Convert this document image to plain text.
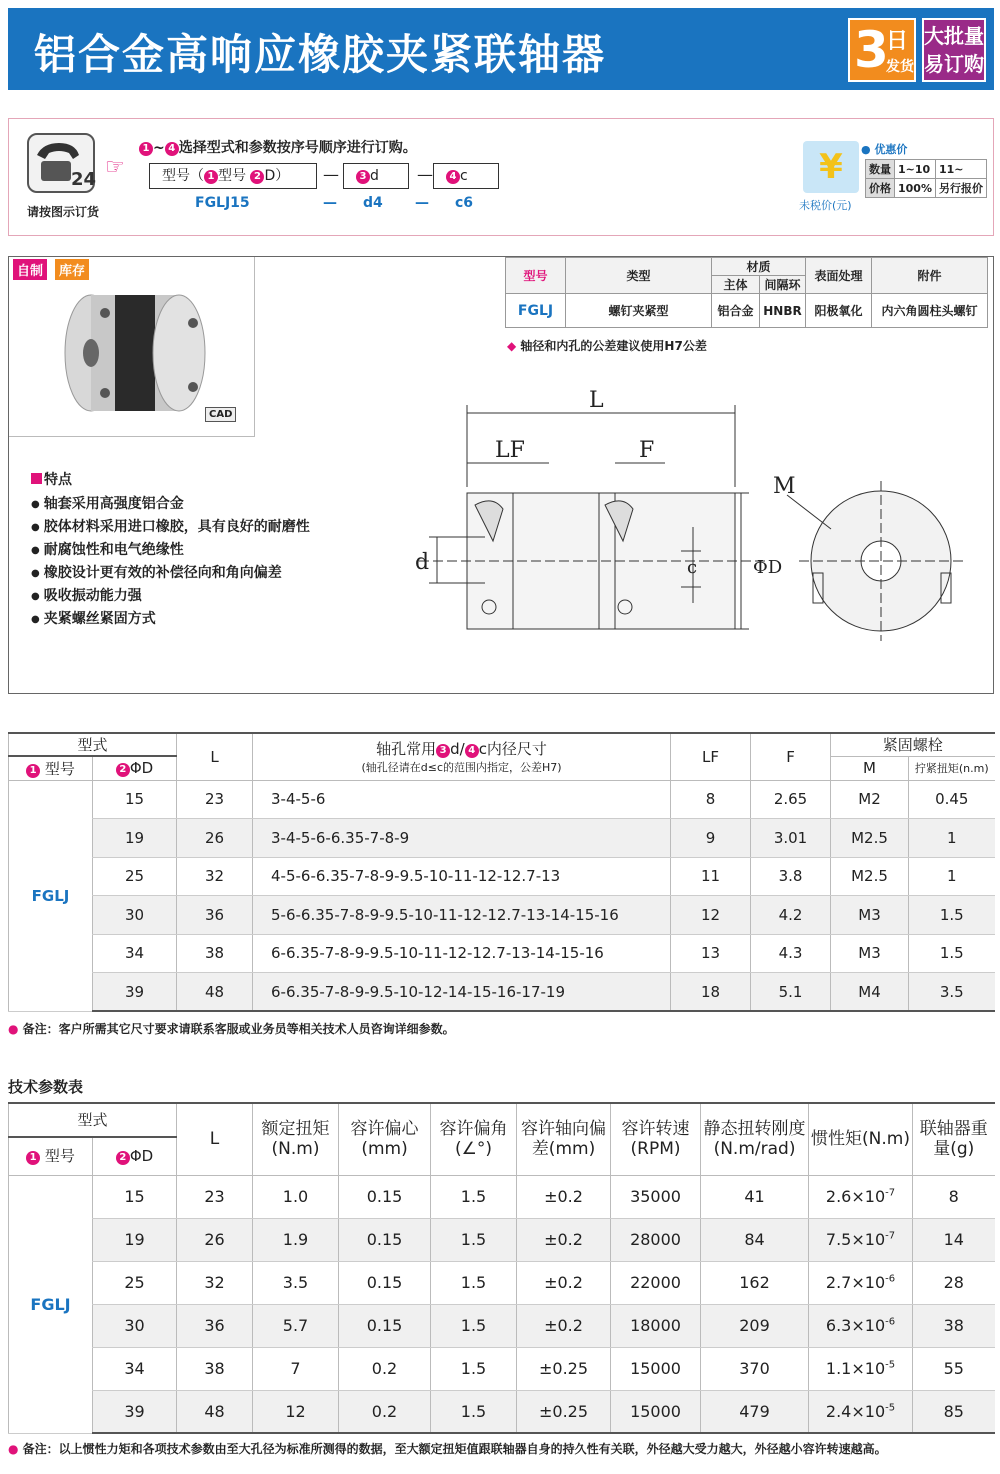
铝合金高响应橡胶夹紧联轴器	3
日
发货
大批量
易订购
24
请按图示订货
☞
1 ~ 4 选择型式和参数按序号顺序进行订购。
型号（ 1 型号 2 D）	—	3 d	—	4 c
FGLJ15	— d4 — c6
¥
未税价(元)
● 优惠价
数量	1~10	11~
价格	100%	另行报价
自制	库存
CAD
特点
● 轴套采用高强度铝合金
● 胶体材料采用进口橡胶，具有良好的耐磨性
● 耐腐蚀性和电气绝缘性
● 橡胶设计更有效的补偿径向和角向偏差
● 吸收振动能力强
● 夹紧螺丝紧固方式
型号	类型	材质		表面处理	附件
		主体	间隔环		
FGLJ	螺钉夹紧型	铝合金	HNBR	阳极氧化	内六角圆柱头螺钉
◆ 轴径和内孔的公差建议使用H7公差
L
LF	F
d	c	ΦD
M
型式		L	轴孔常用 3 d/ 4 c内径尺寸
(轴孔径请在d≤c的范围内指定，公差H7)	LF	F	紧固螺栓	
1 型号	2 ΦD					M	拧紧扭矩(n.m)
FGLJ	15	23	3-4-5-6	8	2.65	M2	0.45
	19	26	3-4-5-6-6.35-7-8-9	9	3.01	M2.5	1
	25	32	4-5-6-6.35-7-8-9-9.5-10-11-12-12.7-13	11	3.8	M2.5	1
	30	36	5-6-6.35-7-8-9-9.5-10-11-12-12.7-13-14-15-16	12	4.2	M3	1.5
	34	38	6-6.35-7-8-9-9.5-10-11-12-12.7-13-14-15-16	13	4.3	M3	1.5
	39	48	6-6.35-7-8-9-9.5-10-12-14-15-16-17-19	18	5.1	M4	3.5
● 备注：客户所需其它尺寸要求请联系客服或业务员等相关技术人员咨询详细参数。
技术参数表
型式		L	额定扭矩(N.m)	容许偏心(mm)	容许偏角(∠°)	容许轴向偏差(mm)	容许转速(RPM)	静态扭转刚度(N.m/rad)	惯性矩(N.m)	联轴器重量(g)
1 型号	2 ΦD									
FGLJ	15	23	1.0	0.15	1.5	±0.2	35000	41	$2.6\times 10^{-7}$	8
	19	26	1.9	0.15	1.5	±0.2	28000	84	$7.5\times 10^{-7}$	14
	25	32	3.5	0.15	1.5	±0.2	22000	162	$2.7\times 10^{-6}$	28
	30	36	5.7	0.15	1.5	±0.2	18000	209	$6.3\times 10^{-6}$	38
	34	38	7	0.2	1.5	±0.25	15000	370	$1.1\times 10^{-5}$	55
	39	48	12	0.2	1.5	±0.25	15000	479	$2.4\times 10^{-5}$	85
● 备注：以上惯性力矩和各项技术参数由至大孔径为标准所测得的数据，至大额定扭矩值跟联轴器自身的持久性有关联，外径越大受力越大，外径越小容许转速越高。
